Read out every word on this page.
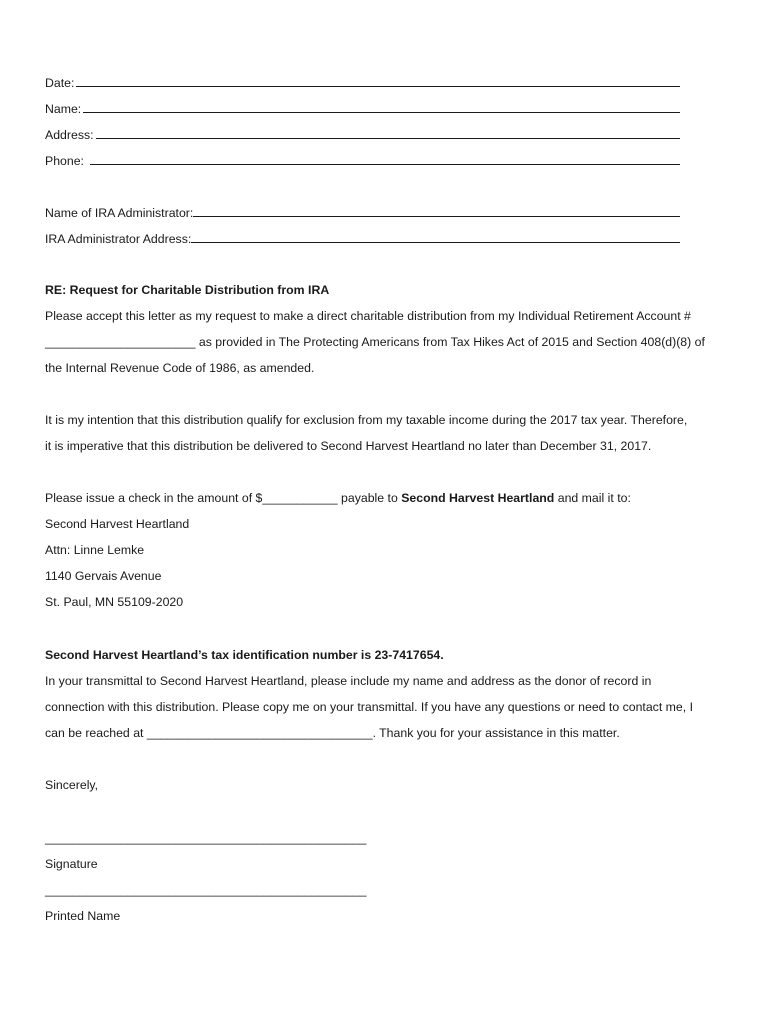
Date:
Name:
Address:
Phone:
Name of IRA Administrator:
IRA Administrator Address:
RE: Request for Charitable Distribution from IRA
Please accept this letter as my request to make a direct charitable distribution from my Individual Retirement Account #
______________________ as provided in The Protecting Americans from Tax Hikes Act of 2015 and Section 408(d)(8) of
the Internal Revenue Code of 1986, as amended.
It is my intention that this distribution qualify for exclusion from my taxable income during the 2017 tax year. Therefore,
it is imperative that this distribution be delivered to Second Harvest Heartland no later than December 31, 2017.
Please issue a check in the amount of $___________ payable to Second Harvest Heartland and mail it to:
Second Harvest Heartland
Attn: Linne Lemke
1140 Gervais Avenue
St. Paul, MN 55109-2020
Second Harvest Heartland’s tax identification number is 23-7417654.
In your transmittal to Second Harvest Heartland, please include my name and address as the donor of record in
connection with this distribution. Please copy me on your transmittal. If you have any questions or need to contact me, I
can be reached at _________________________________. Thank you for your assistance in this matter.
Sincerely,
_______________________________________________
Signature
_______________________________________________
Printed Name
